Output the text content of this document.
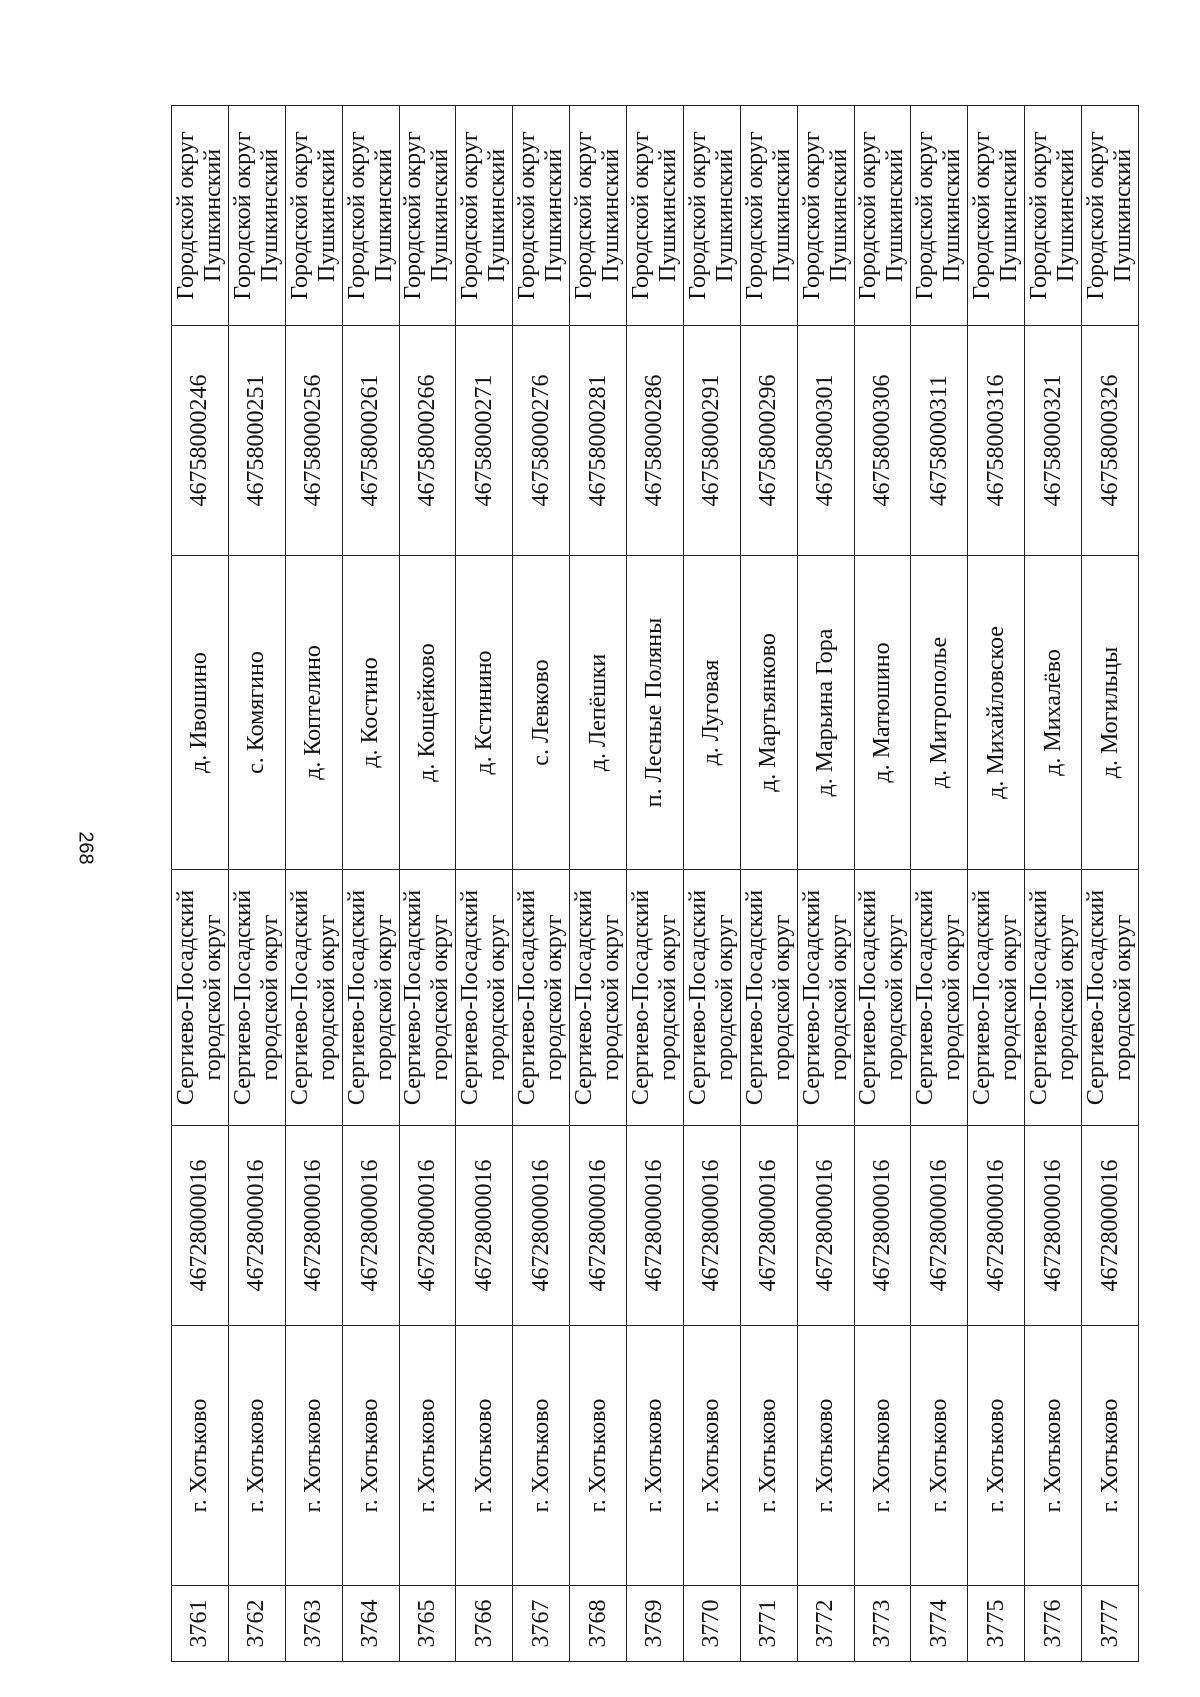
268
3761	г. Хотьково	46728000016	Сергиево-Посадский городской округ	д. Ивошино	46758000246	Городской округ Пушкинский
3762	г. Хотьково	46728000016	Сергиево-Посадский городской округ	с. Комягино	46758000251	Городской округ Пушкинский
3763	г. Хотьково	46728000016	Сергиево-Посадский городской округ	д. Коптелино	46758000256	Городской округ Пушкинский
3764	г. Хотьково	46728000016	Сергиево-Посадский городской округ	д. Костино	46758000261	Городской округ Пушкинский
3765	г. Хотьково	46728000016	Сергиево-Посадский городской округ	д. Кощейково	46758000266	Городской округ Пушкинский
3766	г. Хотьково	46728000016	Сергиево-Посадский городской округ	д. Кстинино	46758000271	Городской округ Пушкинский
3767	г. Хотьково	46728000016	Сергиево-Посадский городской округ	с. Левково	46758000276	Городской округ Пушкинский
3768	г. Хотьково	46728000016	Сергиево-Посадский городской округ	д. Лепёшки	46758000281	Городской округ Пушкинский
3769	г. Хотьково	46728000016	Сергиево-Посадский городской округ	п. Лесные Поляны	46758000286	Городской округ Пушкинский
3770	г. Хотьково	46728000016	Сергиево-Посадский городской округ	д. Луговая	46758000291	Городской округ Пушкинский
3771	г. Хотьково	46728000016	Сергиево-Посадский городской округ	д. Мартьянково	46758000296	Городской округ Пушкинский
3772	г. Хотьково	46728000016	Сергиево-Посадский городской округ	д. Марьина Гора	46758000301	Городской округ Пушкинский
3773	г. Хотьково	46728000016	Сергиево-Посадский городской округ	д. Матюшино	46758000306	Городской округ Пушкинский
3774	г. Хотьково	46728000016	Сергиево-Посадский городской округ	д. Митрополье	46758000311	Городской округ Пушкинский
3775	г. Хотьково	46728000016	Сергиево-Посадский городской округ	д. Михайловское	46758000316	Городской округ Пушкинский
3776	г. Хотьково	46728000016	Сергиево-Посадский городской округ	д. Михалёво	46758000321	Городской округ Пушкинский
3777	г. Хотьково	46728000016	Сергиево-Посадский городской округ	д. Могильцы	46758000326	Городской округ Пушкинский
